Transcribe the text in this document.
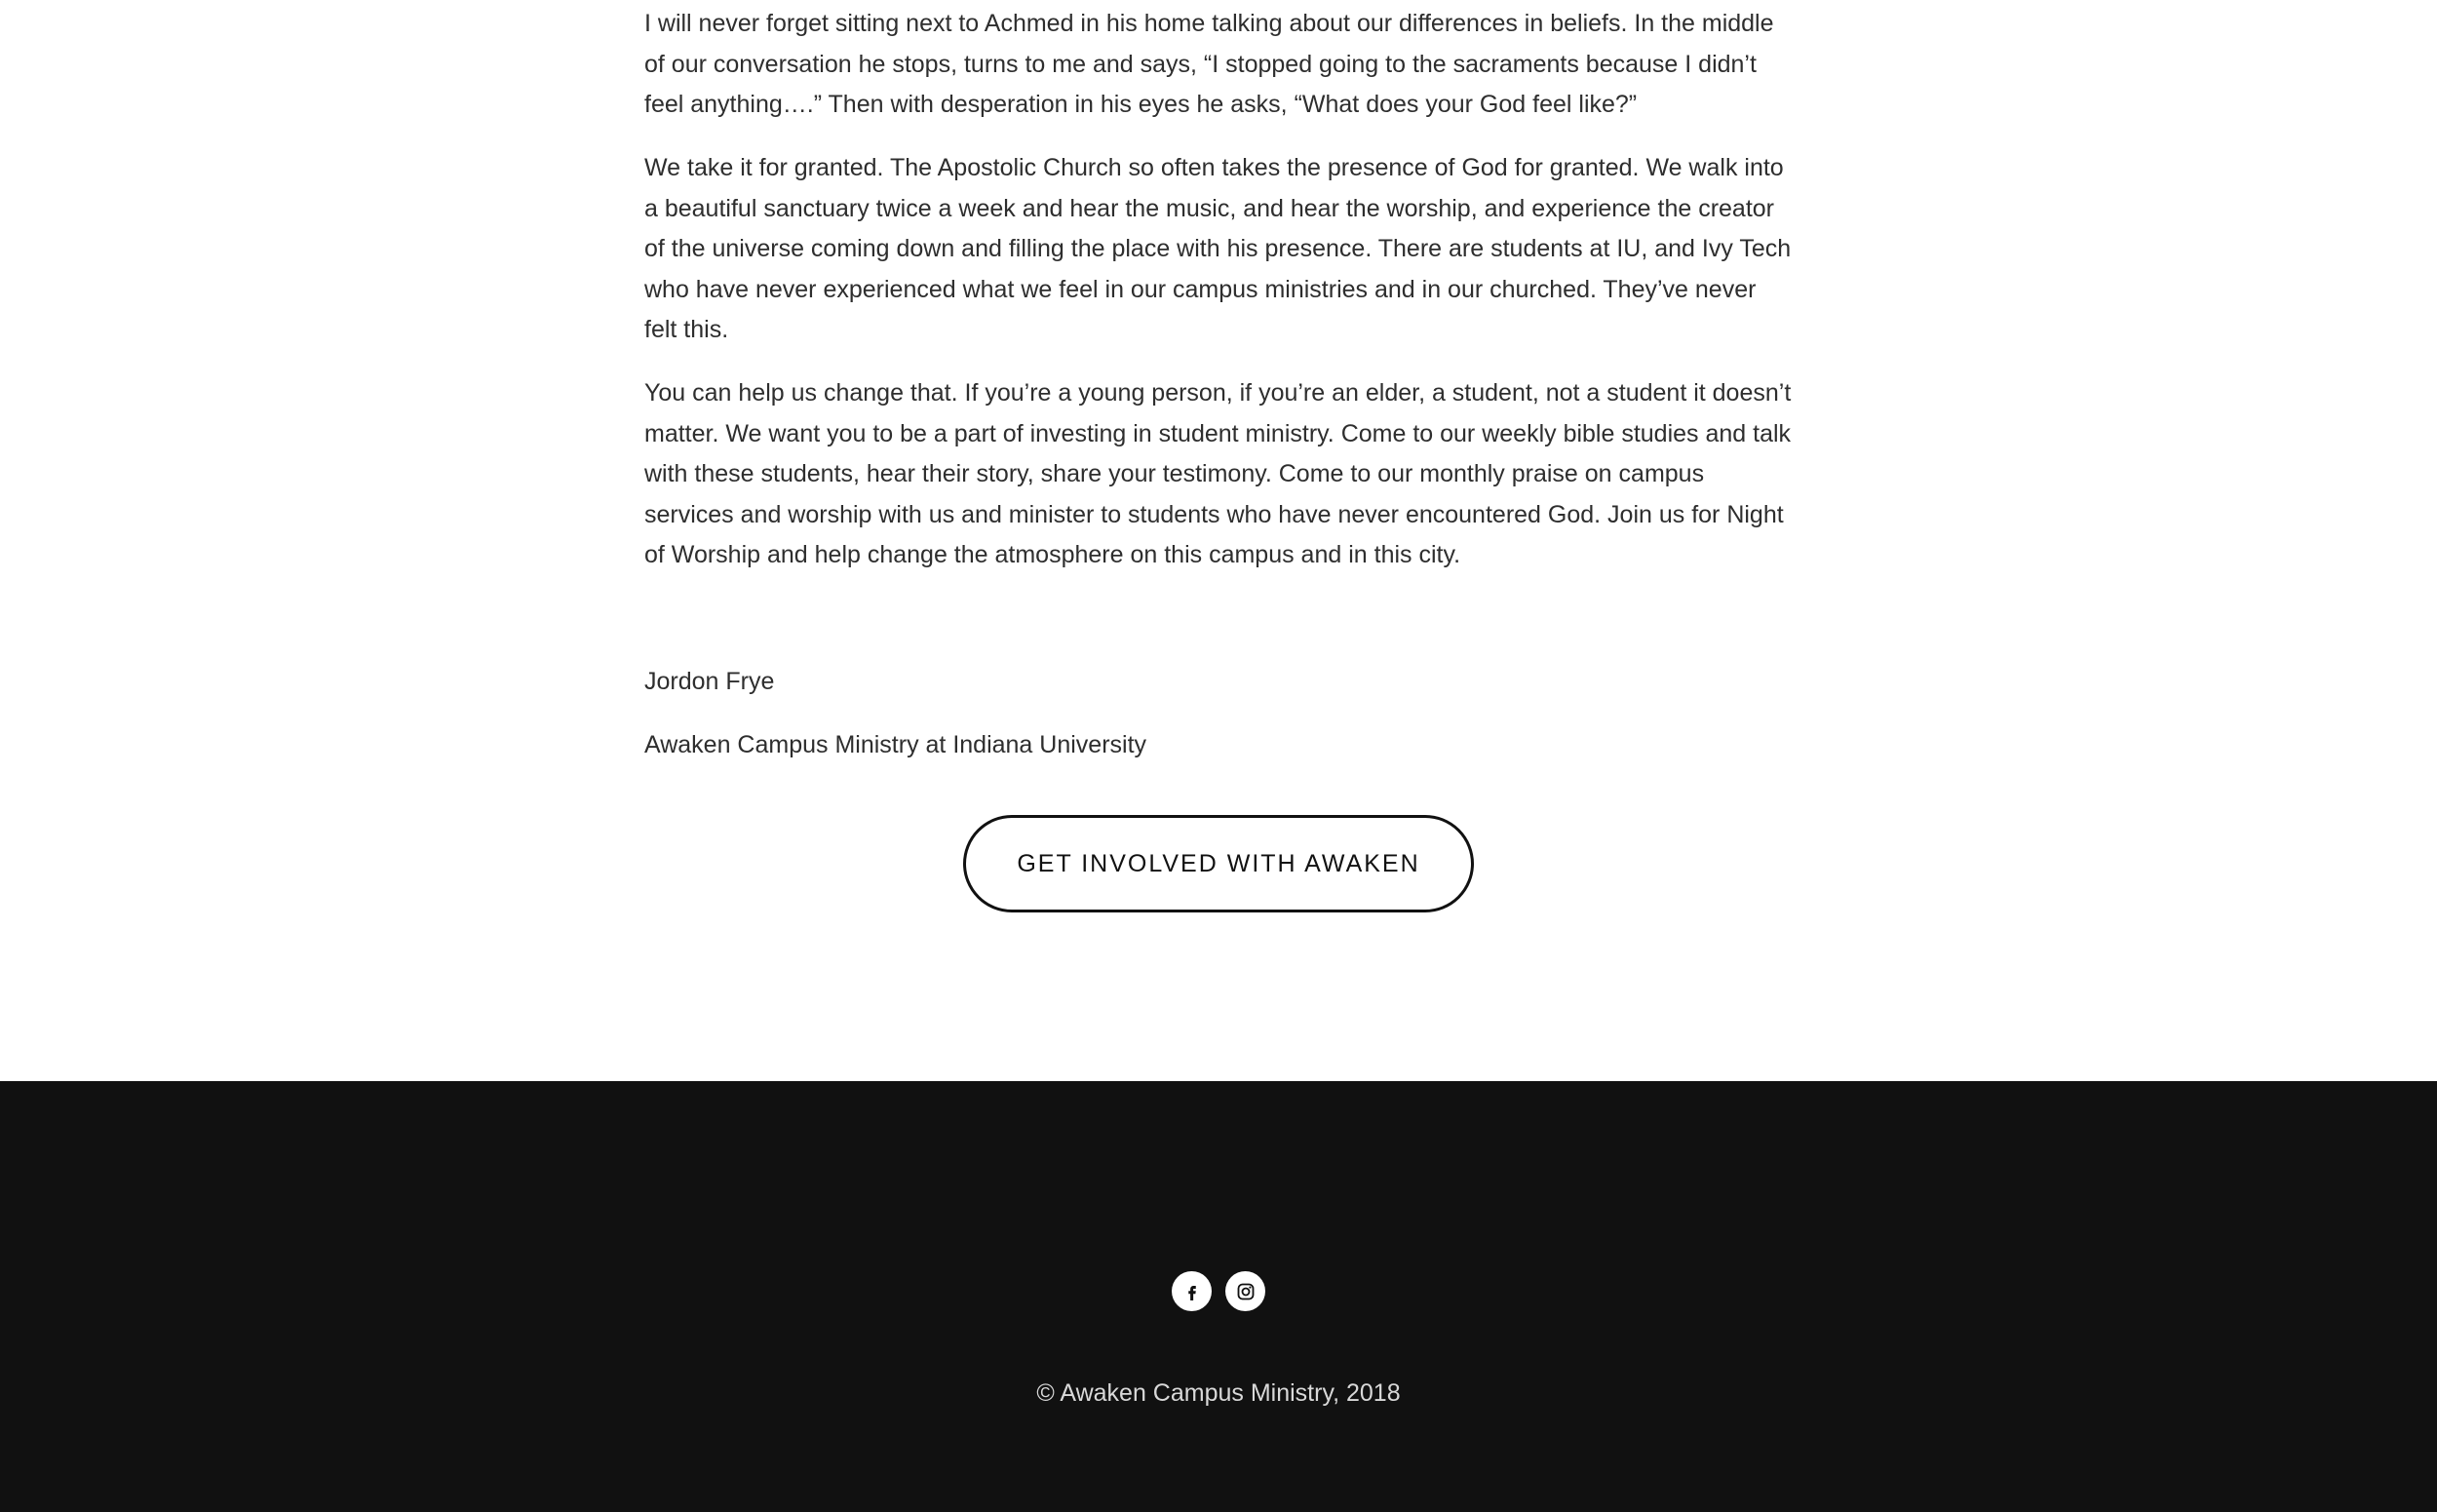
I will never forget sitting next to Achmed in his home talking about our differences in beliefs. In the middle of our conversation he stops, turns to me and says, “I stopped going to the sacraments because I didn’t feel anything….” Then with desperation in his eyes he asks, “What does your God feel like?”

We take it for granted. The Apostolic Church so often takes the presence of God for granted. We walk into a beautiful sanctuary twice a week and hear the music, and hear the worship, and experience the creator of the universe coming down and filling the place with his presence. There are students at IU, and Ivy Tech who have never experienced what we feel in our campus ministries and in our churched. They’ve never felt this.

You can help us change that. If you’re a young person, if you’re an elder, a student, not a student it doesn’t matter. We want you to be a part of investing in student ministry. Come to our weekly bible studies and talk with these students, hear their story, share your testimony. Come to our monthly praise on campus services and worship with us and minister to students who have never encountered God. Join us for Night of Worship and help change the atmosphere on this campus and in this city.

Jordon Frye

Awaken Campus Ministry at Indiana University

GET INVOLVED WITH AWAKEN
© Awaken Campus Ministry, 2018
